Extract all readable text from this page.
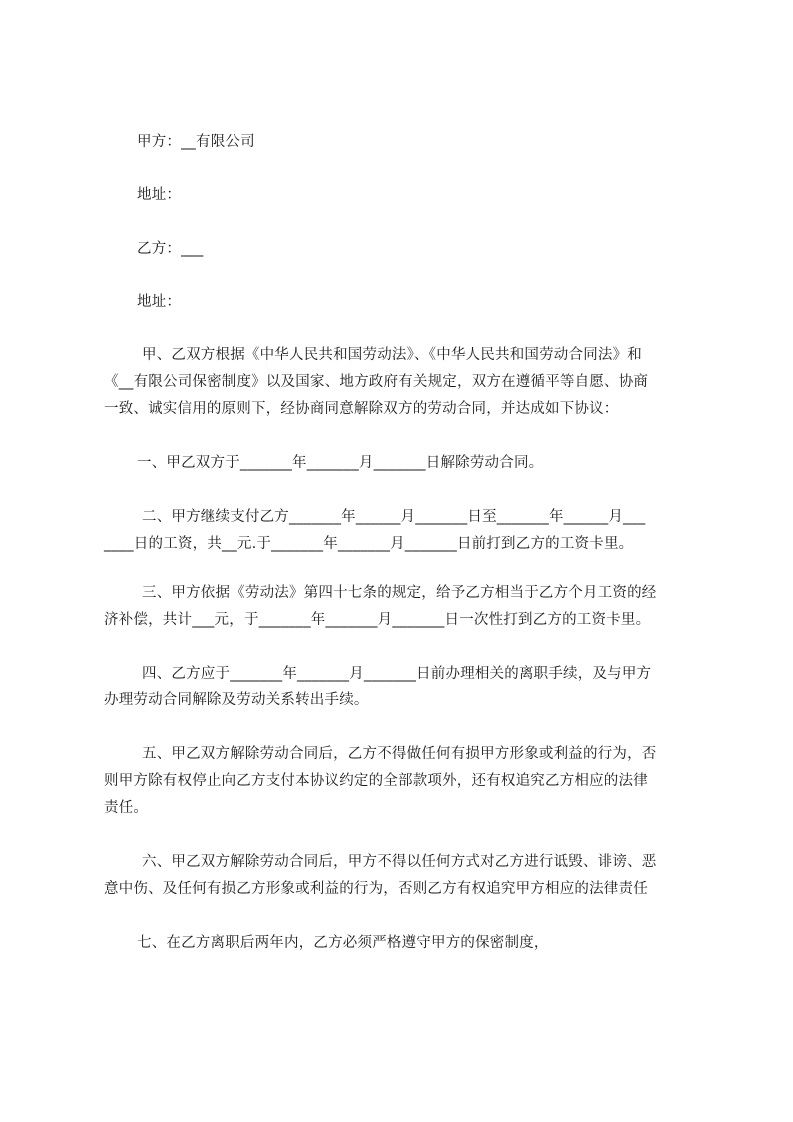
甲方：__有限公司
地址：
乙方：___
地址：
甲、乙双方根据《中华人民共和国劳动法》、《中华人民共和国劳动合同法》和
《__有限公司保密制度》以及国家、地方政府有关规定，双方在遵循平等自愿、协商
一致、诚实信用的原则下，经协商同意解除双方的劳动合同，并达成如下协议：
一、甲乙双方于_______年_______月_______日解除劳动合同。
二、甲方继续支付乙方_______年______月_______日至_______年______月___
____日的工资，共__元.于_______年_______月_______日前打到乙方的工资卡里。
三、甲方依据《劳动法》第四十七条的规定，给予乙方相当于乙方个月工资的经
济补偿，共计___元，于_______年_______月_______日一次性打到乙方的工资卡里。
四、乙方应于_______年_______月_______日前办理相关的离职手续，及与甲方
办理劳动合同解除及劳动关系转出手续。
五、甲乙双方解除劳动合同后，乙方不得做任何有损甲方形象或利益的行为，否
则甲方除有权停止向乙方支付本协议约定的全部款项外，还有权追究乙方相应的法律
责任。
六、甲乙双方解除劳动合同后，甲方不得以任何方式对乙方进行诋毁、诽谤、恶
意中伤、及任何有损乙方形象或利益的行为，否则乙方有权追究甲方相应的法律责任
七、在乙方离职后两年内，乙方必须严格遵守甲方的保密制度，
